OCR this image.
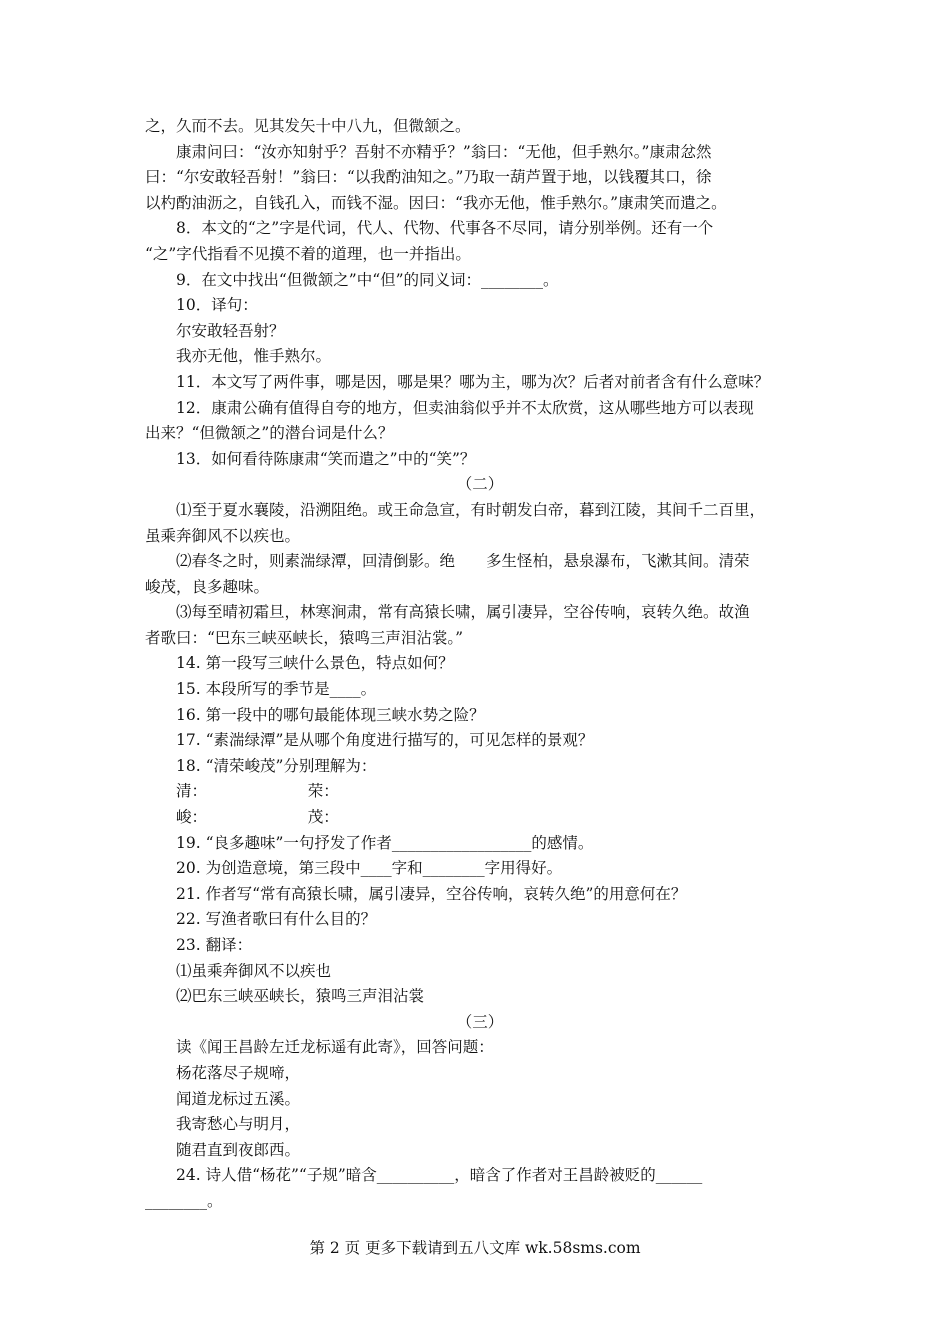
之，久而不去。见其发矢十中八九，但微颔之。

康肃问曰：“汝亦知射乎？吾射不亦精乎？”翁曰：“无他，但手熟尔。”康肃忿然

曰：“尔安敢轻吾射！”翁曰：“以我酌油知之。”乃取一葫芦置于地，以钱覆其口，徐

以杓酌油沥之，自钱孔入，而钱不湿。因曰：“我亦无他，惟手熟尔。”康肃笑而遣之。

8．本文的“之”字是代词，代人、代物、代事各不尽同，请分别举例。还有一个

“之”字代指看不见摸不着的道理，也一并指出。

9．在文中找出“但微颔之”中“但”的同义词：________。

10．译句：

尔安敢轻吾射？

我亦无他，惟手熟尔。

11．本文写了两件事，哪是因，哪是果？哪为主，哪为次？后者对前者含有什么意味？

12．康肃公确有值得自夸的地方，但卖油翁似乎并不太欣赏，这从哪些地方可以表现

出来？“但微颔之”的潜台词是什么？

13．如何看待陈康肃“笑而遣之”中的“笑”？

（二）

⑴至于夏水襄陵，沿溯阻绝。或王命急宣，有时朝发白帝，暮到江陵，其间千二百里，

虽乘奔御风不以疾也。

⑵春冬之时，则素湍绿潭，回清倒影。绝　　多生怪柏，悬泉瀑布，飞漱其间。清荣

峻茂，良多趣味。

⑶每至晴初霜旦，林寒涧肃，常有高猿长啸，属引凄异，空谷传响，哀转久绝。故渔

者歌曰：“巴东三峡巫峡长，猿鸣三声泪沾裳。”

14. 第一段写三峡什么景色，特点如何？

15. 本段所写的季节是____。

16. 第一段中的哪句最能体现三峡水势之险？

17. “素湍绿潭”是从哪个角度进行描写的，可见怎样的景观？

18. “清荣峻茂”分别理解为：

清：　　　　　　　荣：

峻：　　　　　　　茂：

19. “良多趣味”一句抒发了作者__________________的感情。

20. 为创造意境，第三段中____字和________字用得好。

21. 作者写“常有高猿长啸，属引凄异，空谷传响，哀转久绝”的用意何在？

22. 写渔者歌曰有什么目的？

23. 翻译：

⑴虽乘奔御风不以疾也

⑵巴东三峡巫峡长，猿鸣三声泪沾裳

（三）

读《闻王昌龄左迁龙标遥有此寄》，回答问题：

杨花落尽子规啼，

闻道龙标过五溪。

我寄愁心与明月，

随君直到夜郎西。

24. 诗人借“杨花”“子规”暗含__________，暗含了作者对王昌龄被贬的______

________。

第 2 页 更多下载请到五八文库 wk.58sms.com
